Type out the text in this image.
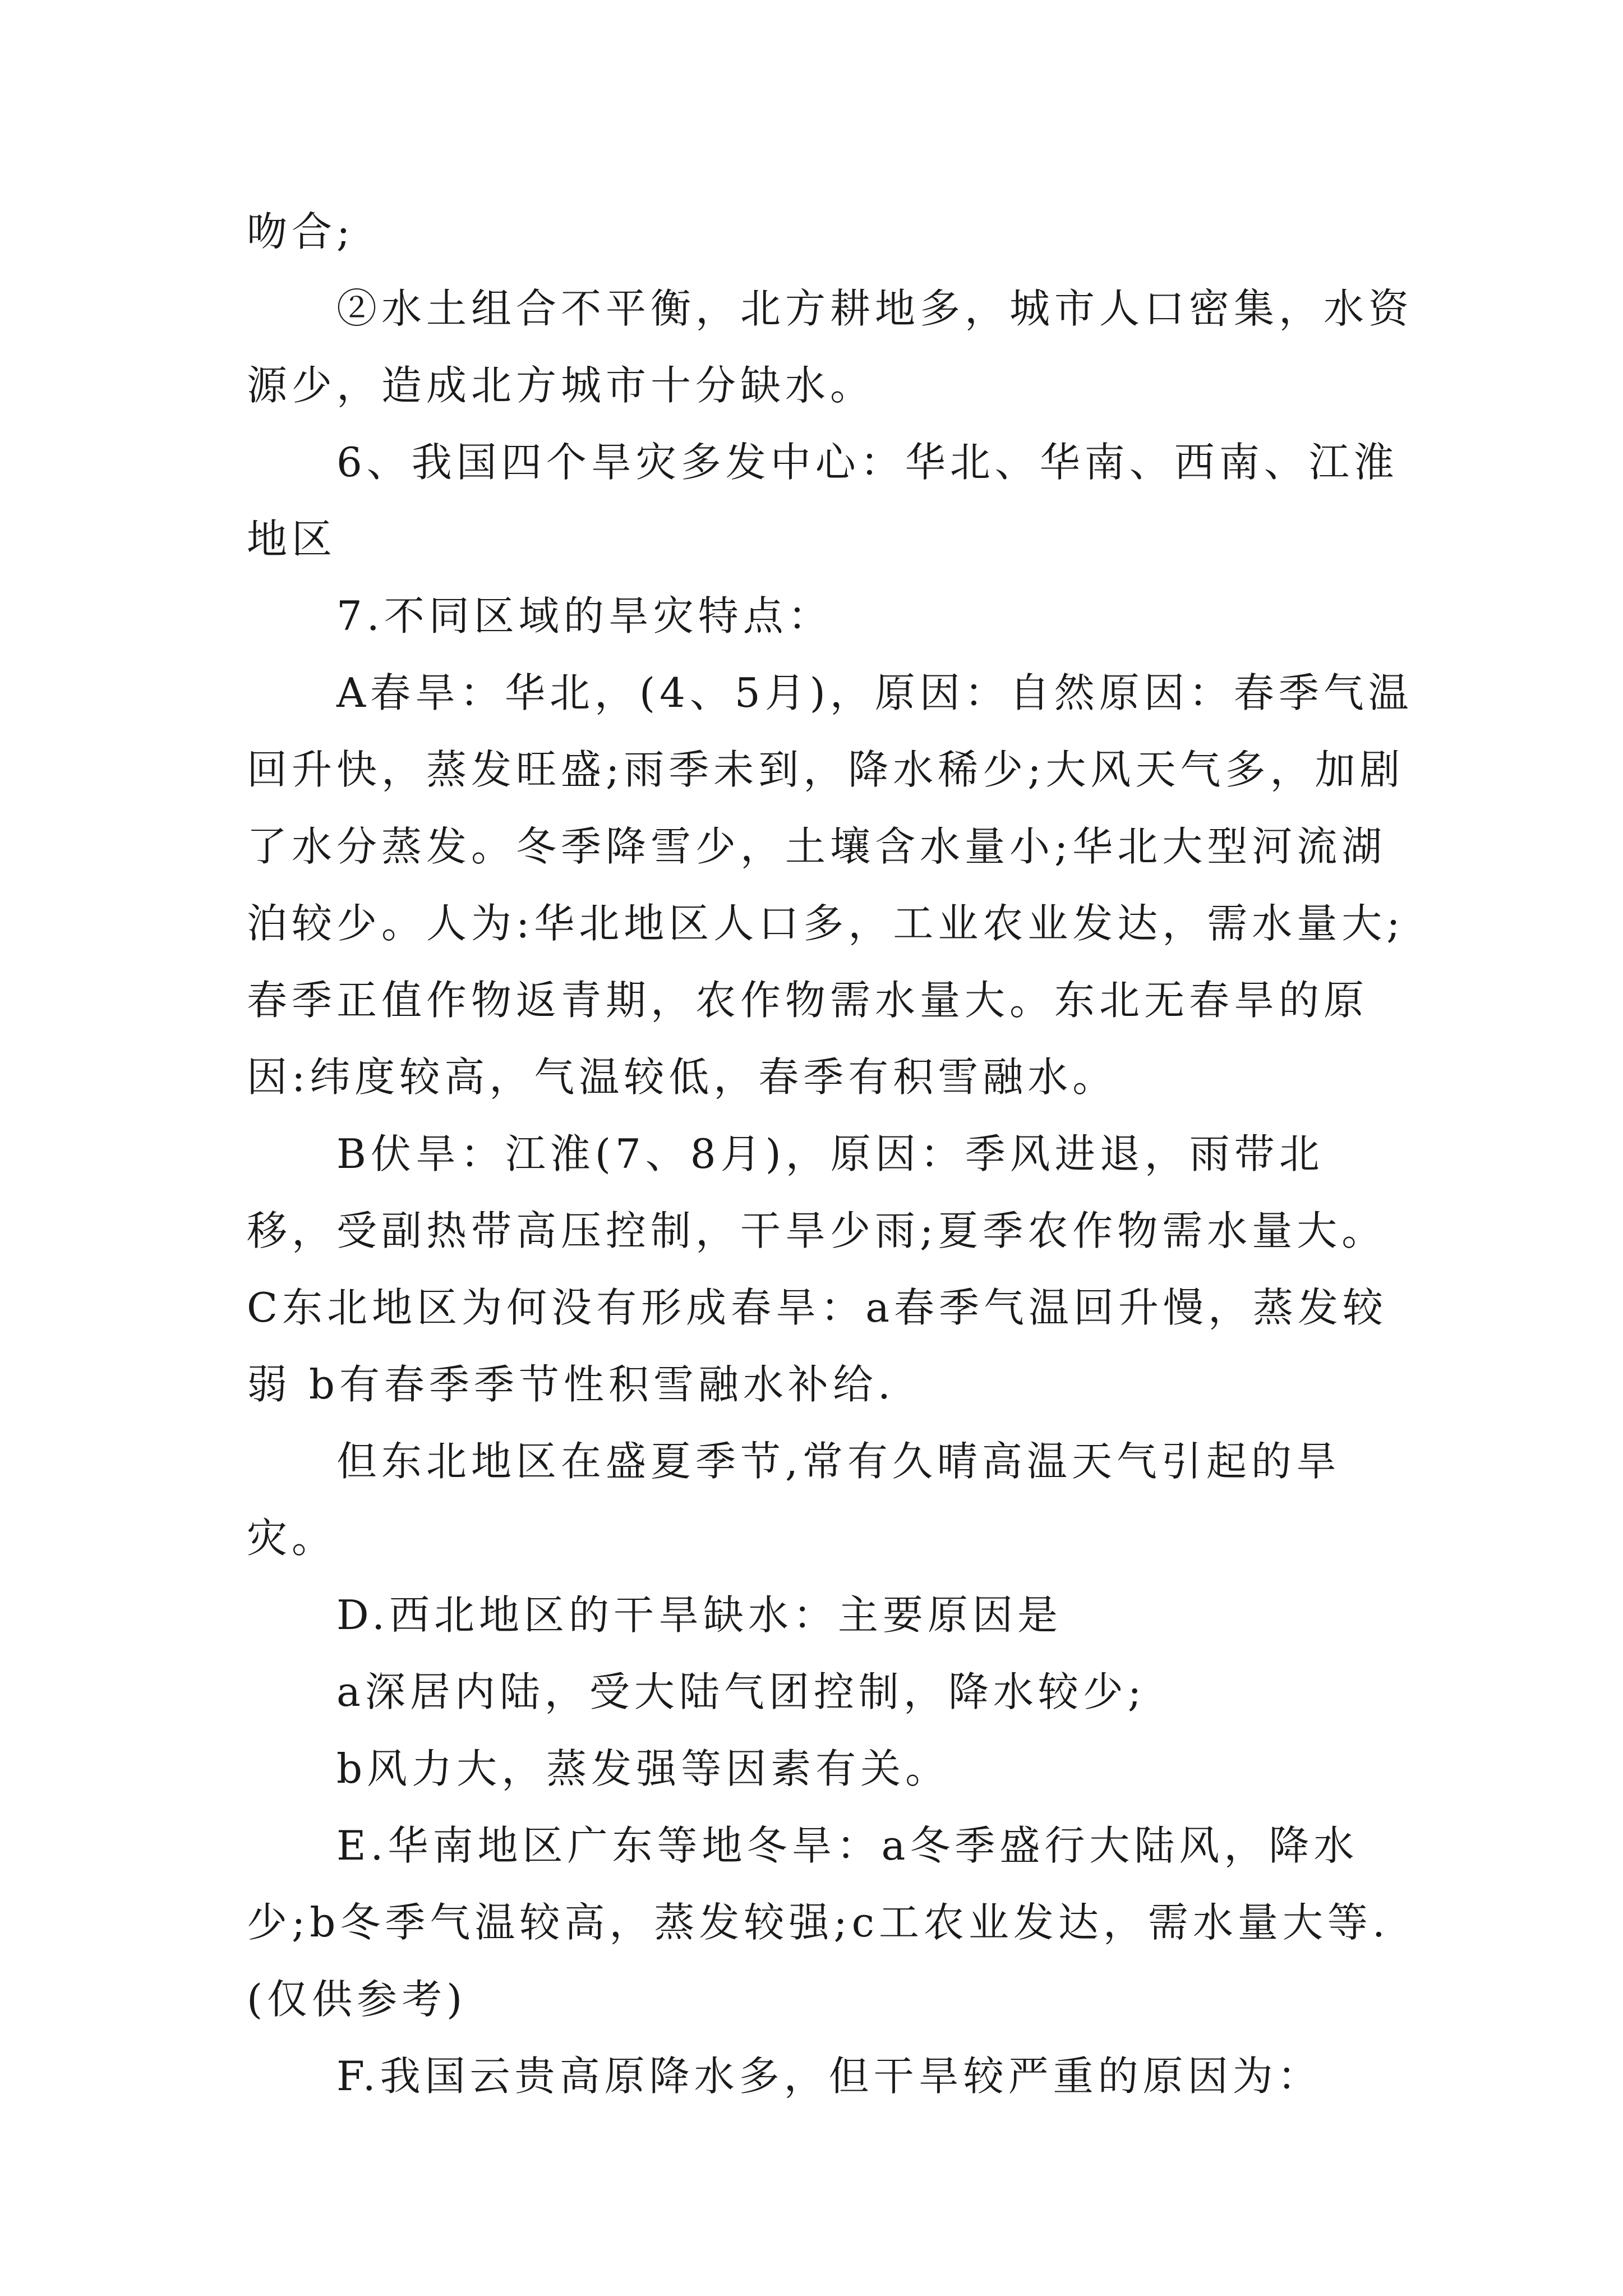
吻合;

②水土组合不平衡，北方耕地多，城市人口密集，水资源少，造成北方城市十分缺水。

6、我国四个旱灾多发中心：华北、华南、西南、江淮地区

7.不同区域的旱灾特点：

A春旱：华北，(4、5月)，原因：自然原因：春季气温回升快，蒸发旺盛;雨季未到，降水稀少;大风天气多，加剧了水分蒸发。冬季降雪少，土壤含水量小;华北大型河流湖泊较少。人为:华北地区人口多，工业农业发达，需水量大;春季正值作物返青期，农作物需水量大。东北无春旱的原因:纬度较高，气温较低，春季有积雪融水。

B伏旱：江淮(7、8月)，原因：季风进退，雨带北移，受副热带高压控制，干旱少雨;夏季农作物需水量大。C东北地区为何没有形成春旱：a春季气温回升慢，蒸发较弱 b有春季季节性积雪融水补给.

但东北地区在盛夏季节,常有久晴高温天气引起的旱灾。

D.西北地区的干旱缺水：主要原因是

a深居内陆，受大陆气团控制，降水较少;

b风力大，蒸发强等因素有关。

E.华南地区广东等地冬旱：a冬季盛行大陆风，降水少;b冬季气温较高，蒸发较强;c工农业发达，需水量大等.(仅供参考)

F.我国云贵高原降水多，但干旱较严重的原因为：
